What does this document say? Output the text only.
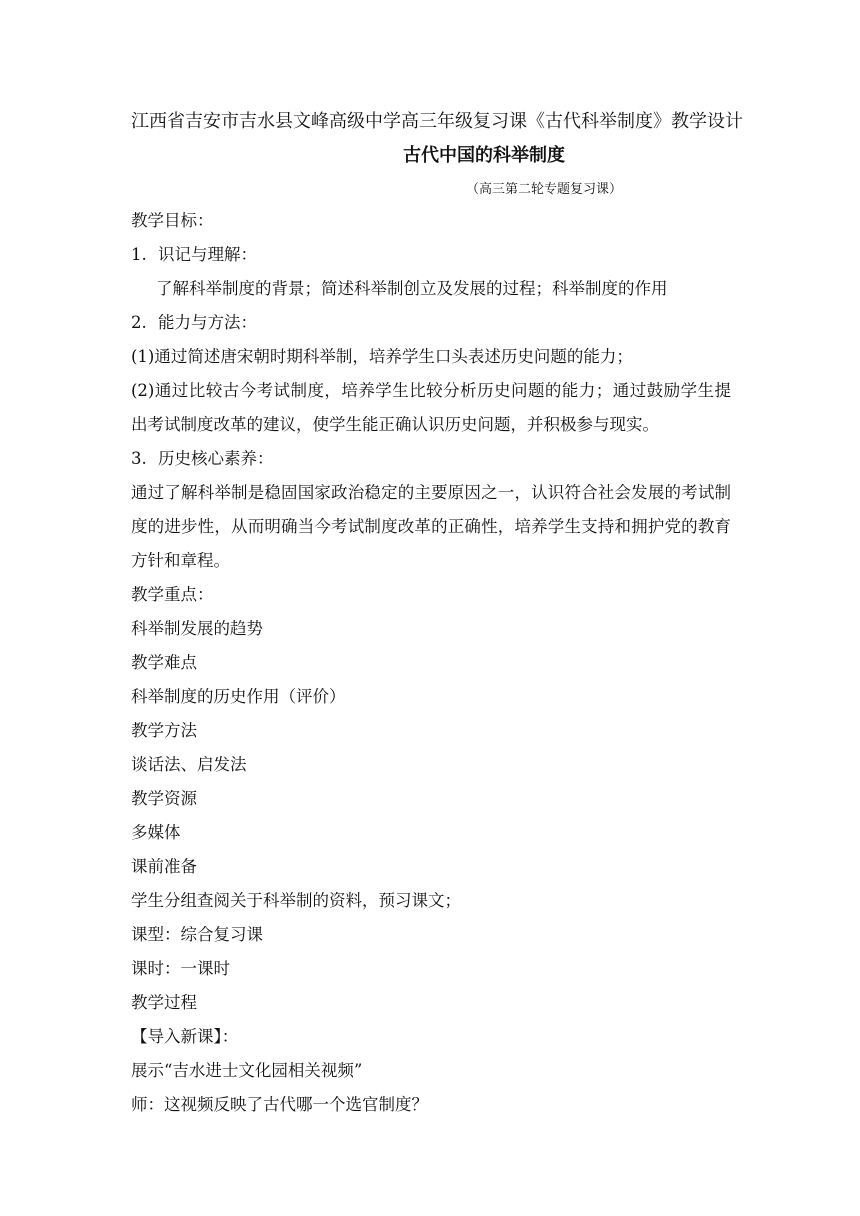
江西省吉安市吉水县文峰高级中学高三年级复习课《古代科举制度》教学设计
古代中国的科举制度
（高三第二轮专题复习课）
教学目标：
1. 识记与理解：
了解科举制度的背景；简述科举制创立及发展的过程；科举制度的作用
2. 能力与方法：
(1)通过简述唐宋朝时期科举制，培养学生口头表述历史问题的能力；
(2)通过比较古今考试制度，培养学生比较分析历史问题的能力；通过鼓励学生提出考试制度改革的建议，使学生能正确认识历史问题，并积极参与现实。
3. 历史核心素养：
通过了解科举制是稳固国家政治稳定的主要原因之一，认识符合社会发展的考试制度的进步性，从而明确当今考试制度改革的正确性，培养学生支持和拥护党的教育方针和章程。
教学重点：
科举制发展的趋势
教学难点
科举制度的历史作用（评价）
教学方法
谈话法、启发法
教学资源
多媒体
课前准备
学生分组查阅关于科举制的资料，预习课文；
课型：综合复习课
课时：一课时
教学过程
【导入新课】：
展示“吉水进士文化园相关视频”
师：这视频反映了古代哪一个选官制度？
